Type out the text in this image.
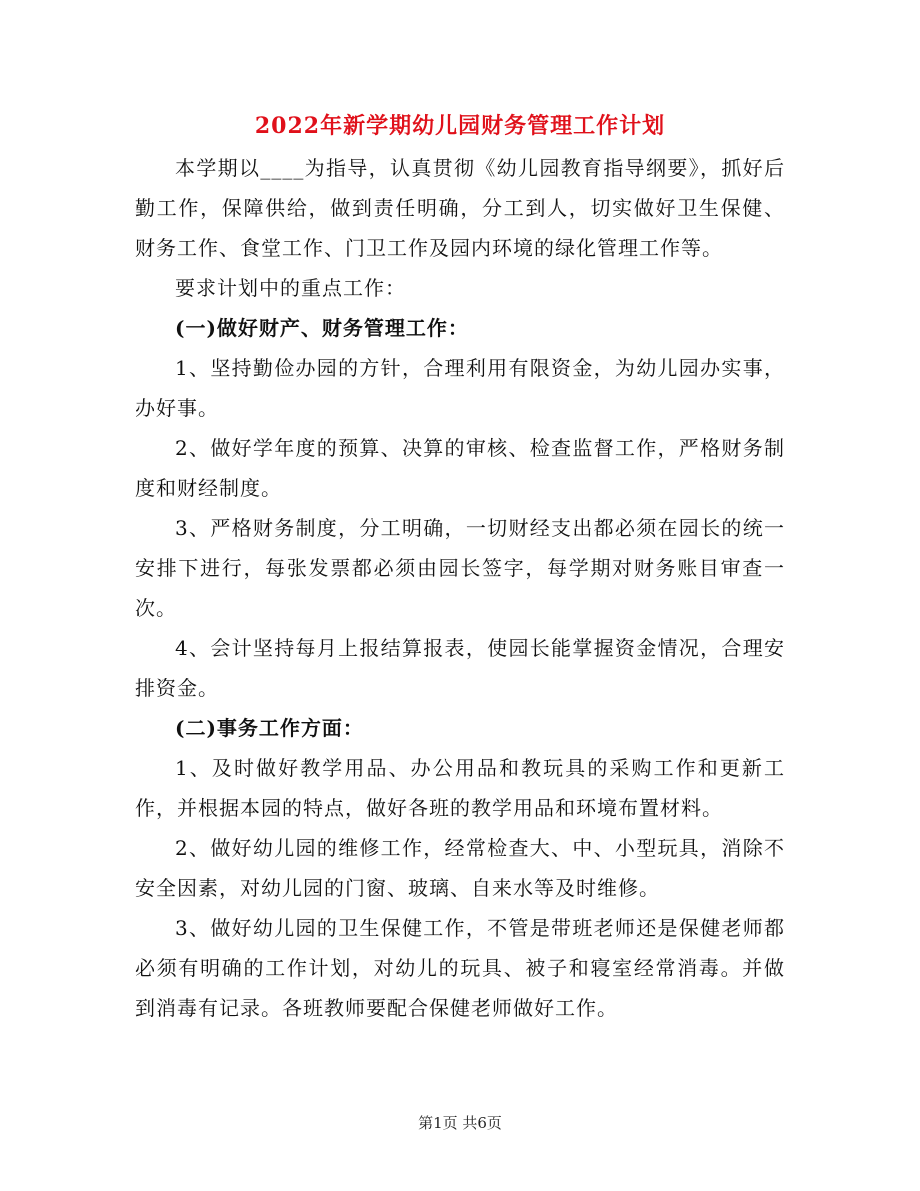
2022年新学期幼儿园财务管理工作计划

本学期以____为指导，认真贯彻《幼儿园教育指导纲要》，抓好后勤工作，保障供给，做到责任明确，分工到人，切实做好卫生保健、财务工作、食堂工作、门卫工作及园内环境的绿化管理工作等。

要求计划中的重点工作：

(一)做好财产、财务管理工作：

1、坚持勤俭办园的方针，合理利用有限资金，为幼儿园办实事，办好事。

2、做好学年度的预算、决算的审核、检查监督工作，严格财务制度和财经制度。

3、严格财务制度，分工明确，一切财经支出都必须在园长的统一安排下进行，每张发票都必须由园长签字，每学期对财务账目审查一次。

4、会计坚持每月上报结算报表，使园长能掌握资金情况，合理安排资金。

(二)事务工作方面：

1、及时做好教学用品、办公用品和教玩具的采购工作和更新工作，并根据本园的特点，做好各班的教学用品和环境布置材料。

2、做好幼儿园的维修工作，经常检查大、中、小型玩具，消除不安全因素，对幼儿园的门窗、玻璃、自来水等及时维修。

3、做好幼儿园的卫生保健工作，不管是带班老师还是保健老师都必须有明确的工作计划，对幼儿的玩具、被子和寝室经常消毒。并做到消毒有记录。各班教师要配合保健老师做好工作。

第1页 共6页
